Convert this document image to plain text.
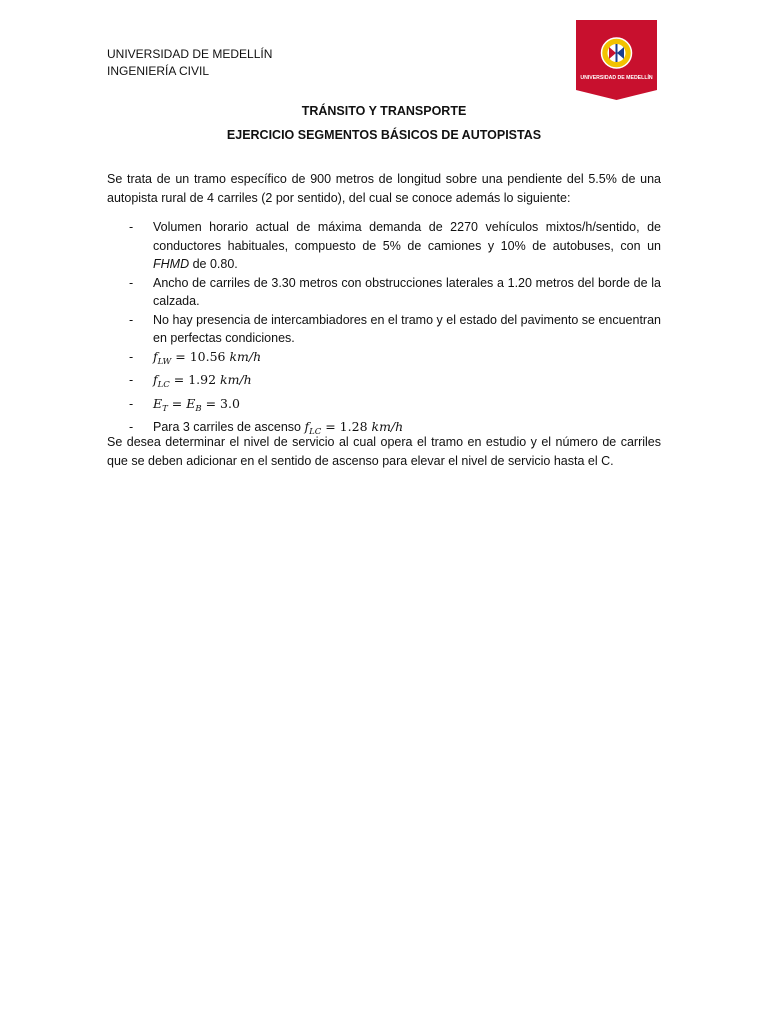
UNIVERSIDAD DE MEDELLÍN
INGENIERÍA CIVIL	UNIVERSIDAD DE MEDELLÍN
TRÁNSITO Y TRANSPORTE
EJERCICIO SEGMENTOS BÁSICOS DE AUTOPISTAS

Se trata de un tramo específico de 900 metros de longitud sobre una pendiente del 5.5% de una autopista rural de 4 carriles (2 por sentido), del cual se conoce además lo siguiente:

- Volumen horario actual de máxima demanda de 2270 vehículos mixtos/h/sentido, de conductores habituales, compuesto de 5% de camiones y 10% de autobuses, con un FHMD de 0.80.
- Ancho de carriles de 3.30 metros con obstrucciones laterales a 1.20 metros del borde de la calzada.
- No hay presencia de intercambiadores en el tramo y el estado del pavimento se encuentran en perfectas condiciones.
- $f_{LW} = 10.56$ km/h
- $f_{LC} = 1.92$ km/h
- $E_T = E_B = 3.0$
- Para 3 carriles de ascenso $f_{LC} = 1.28$ km/h

Se desea determinar el nivel de servicio al cual opera el tramo en estudio y el número de carriles que se deben adicionar en el sentido de ascenso para elevar el nivel de servicio hasta el C.
